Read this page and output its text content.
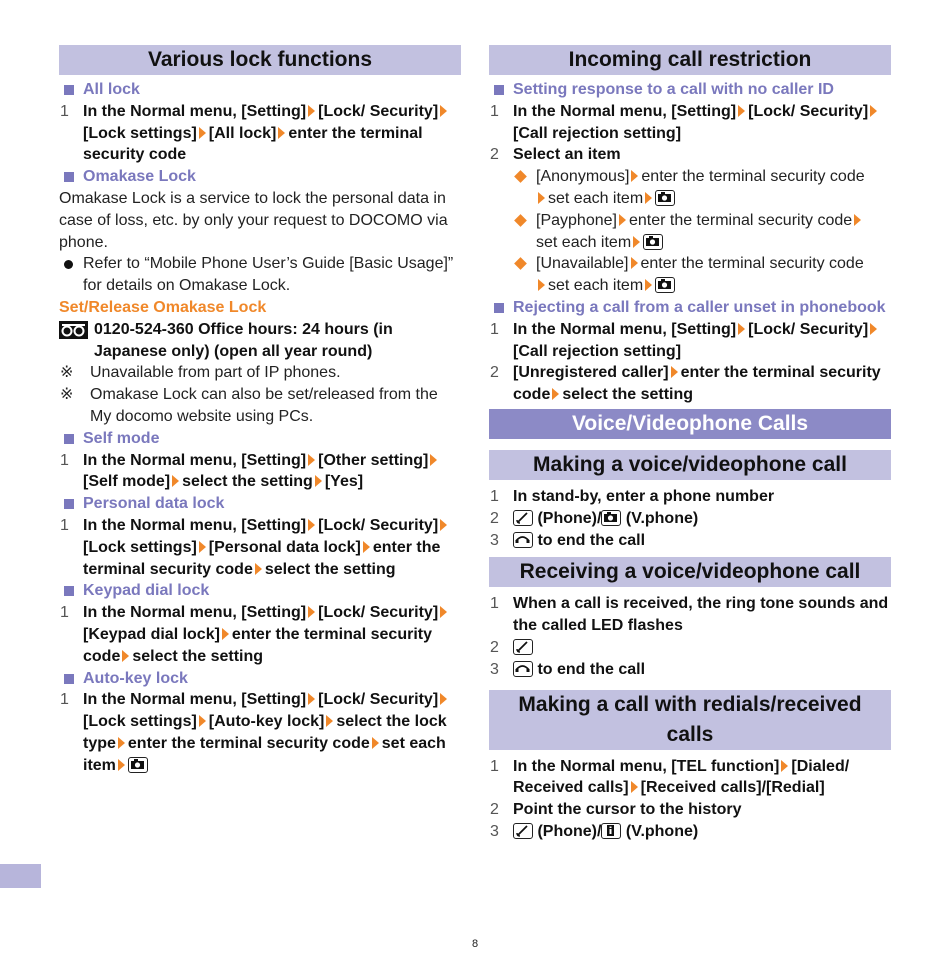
Various lock functions
All lock
1 In the Normal menu, [Setting] [Lock/ Security][Lock settings] [All lock] enter the terminal security code
Omakase Lock
Omakase Lock is a service to lock the personal data in case of loss, etc. by only your request to DOCOMO via phone.
Refer to “Mobile Phone User’s Guide [Basic Usage]” for details on Omakase Lock.
Set/Release Omakase Lock
0120-524-360 Office hours: 24 hours (in Japanese only) (open all year round)
※ Unavailable from part of IP phones.
※ Omakase Lock can also be set/released from the My docomo website using PCs.
Self mode
1 In the Normal menu, [Setting] [Other setting][Self mode] select the setting [Yes]
Personal data lock
1 In the Normal menu, [Setting] [Lock/ Security][Lock settings] [Personal data lock] enter the terminal security code select the setting
Keypad dial lock
1 In the Normal menu, [Setting] [Lock/ Security][Keypad dial lock] enter the terminal security code select the setting
Auto-key lock
1 In the Normal menu, [Setting] [Lock/ Security][Lock settings] [Auto-key lock] select the lock type enter the terminal security code set each item
Incoming call restriction
Setting response to a call with no caller ID
1 In the Normal menu, [Setting] [Lock/ Security][Call rejection setting]
2 Select an item
[Anonymous] enter the terminal security code
set each item
[Payphone] enter the terminal security code
set each item
[Unavailable] enter the terminal security code
set each item
Rejecting a call from a caller unset in phonebook
1 In the Normal menu, [Setting] [Lock/ Security][Call rejection setting]
2 [Unregistered caller] enter the terminal security code select the setting
Voice/Videophone Calls
Making a voice/videophone call
1 In stand-by, enter a phone number
2 (Phone)/ (V.phone)
3 to end the call
Receiving a voice/videophone call
1 When a call is received, the ring tone sounds and the called LED flashes
2
3 to end the call
Making a call with redials/received calls
1 In the Normal menu, [TEL function] [Dialed/ Received calls] [Received calls]/[Redial]
2 Point the cursor to the history
3 (Phone)/ (V.phone)
8
